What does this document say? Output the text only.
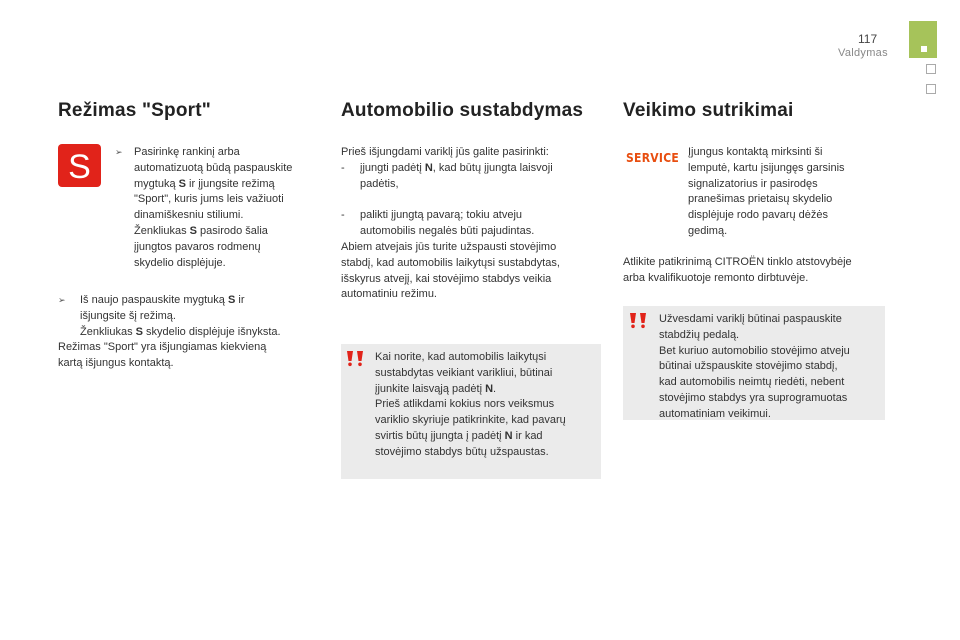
117
Valdymas
Režimas "Sport"
S	➢ Pasirinkę rankinį arba
automatizuotą būdą paspauskite
mygtuką S ir įjungsite režimą
"Sport", kuris jums leis važiuoti
dinamiškesniu stiliumi.
Ženkliukas S pasirodo šalia
įjungtos pavaros rodmenų
skydelio displėjuje.
➢ Iš naujo paspauskite mygtuką S ir
išjungsite šį režimą.
Ženkliukas S skydelio displėjuje išnyksta.
Režimas "Sport" yra išjungiamas kiekvieną
kartą išjungus kontaktą.
Automobilio sustabdymas
Prieš išjungdami variklį jūs galite pasirinkti:
- įjungti padėtį N, kad būtų įjungta laisvoji
padėtis,
- palikti įjungtą pavarą; tokiu atveju
automobilis negalės būti pajudintas.
Abiem atvejais jūs turite užspausti stovėjimo
stabdį, kad automobilis laikytųsi sustabdytas,
išskyrus atvejį, kai stovėjimo stabdys veikia
automatiniu režimu.
Kai norite, kad automobilis laikytųsi
sustabdytas veikiant varikliui, būtinai
įjunkite laisvąją padėtį N.
Prieš atlikdami kokius nors veiksmus
variklio skyriuje patikrinkite, kad pavarų
svirtis būtų įjungta į padėtį N ir kad
stovėjimo stabdys būtų užspaustas.
Veikimo sutrikimai
SERVICE Įjungus kontaktą mirksinti ši
lemputė, kartu įsijungęs garsinis
signalizatorius ir pasirodęs
pranešimas prietaisų skydelio
displėjuje rodo pavarų dėžės
gedimą.
Atlikite patikrinimą CITROËN tinklo atstovybėje
arba kvalifikuotoje remonto dirbtuvėje.
Užvesdami variklį būtinai paspauskite
stabdžių pedalą.
Bet kuriuo automobilio stovėjimo atveju
būtinai užspauskite stovėjimo stabdį,
kad automobilis neimtų riedėti, nebent
stovėjimo stabdys yra suprogramuotas
automatiniam veikimui.
